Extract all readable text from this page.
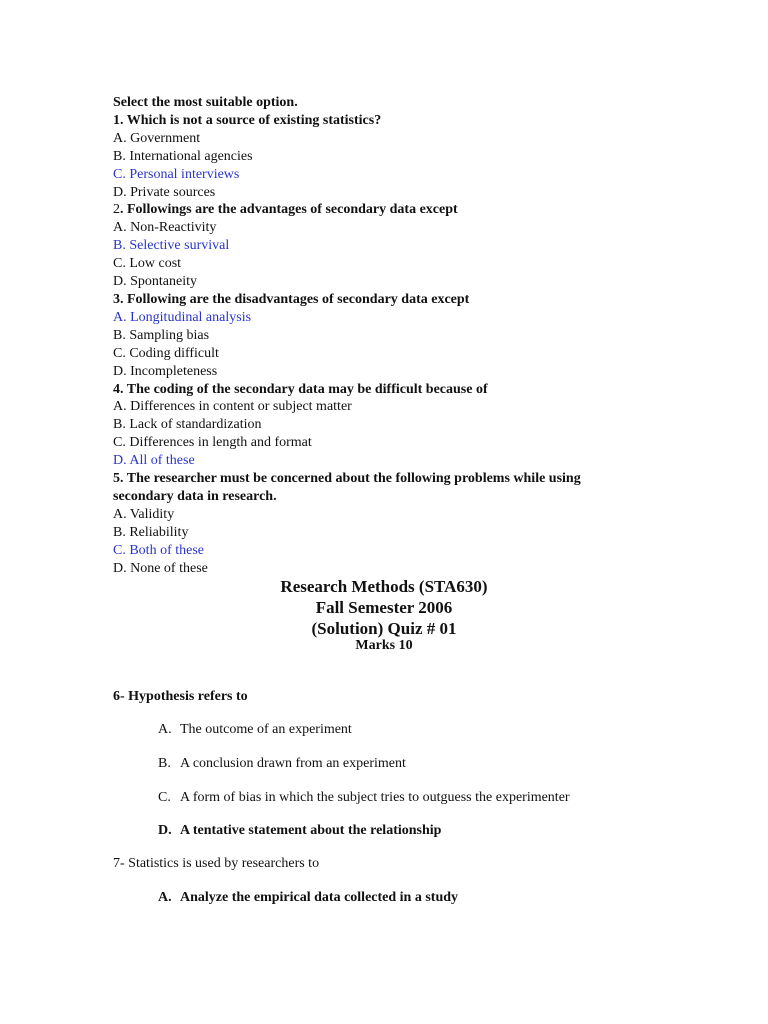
Select the most suitable option.
1. Which is not a source of existing statistics?
A. Government
B. International agencies
C. Personal interviews
D. Private sources
2. Followings are the advantages of secondary data except
A. Non-Reactivity
B. Selective survival
C. Low cost
D. Spontaneity
3. Following are the disadvantages of secondary data except
A. Longitudinal analysis
B. Sampling bias
C. Coding difficult
D. Incompleteness
4. The coding of the secondary data may be difficult because of
A. Differences in content or subject matter
B. Lack of standardization
C. Differences in length and format
D. All of these
5. The researcher must be concerned about the following problems while using secondary data in research.
A. Validity
B. Reliability
C. Both of these
D. None of these
Research Methods (STA630)
Fall Semester 2006
(Solution) Quiz # 01
Marks 10
6- Hypothesis refers to
A. The outcome of an experiment
B. A conclusion drawn from an experiment
C. A form of bias in which the subject tries to outguess the experimenter
D. A tentative statement about the relationship
7- Statistics is used by researchers to
A. Analyze the empirical data collected in a study
